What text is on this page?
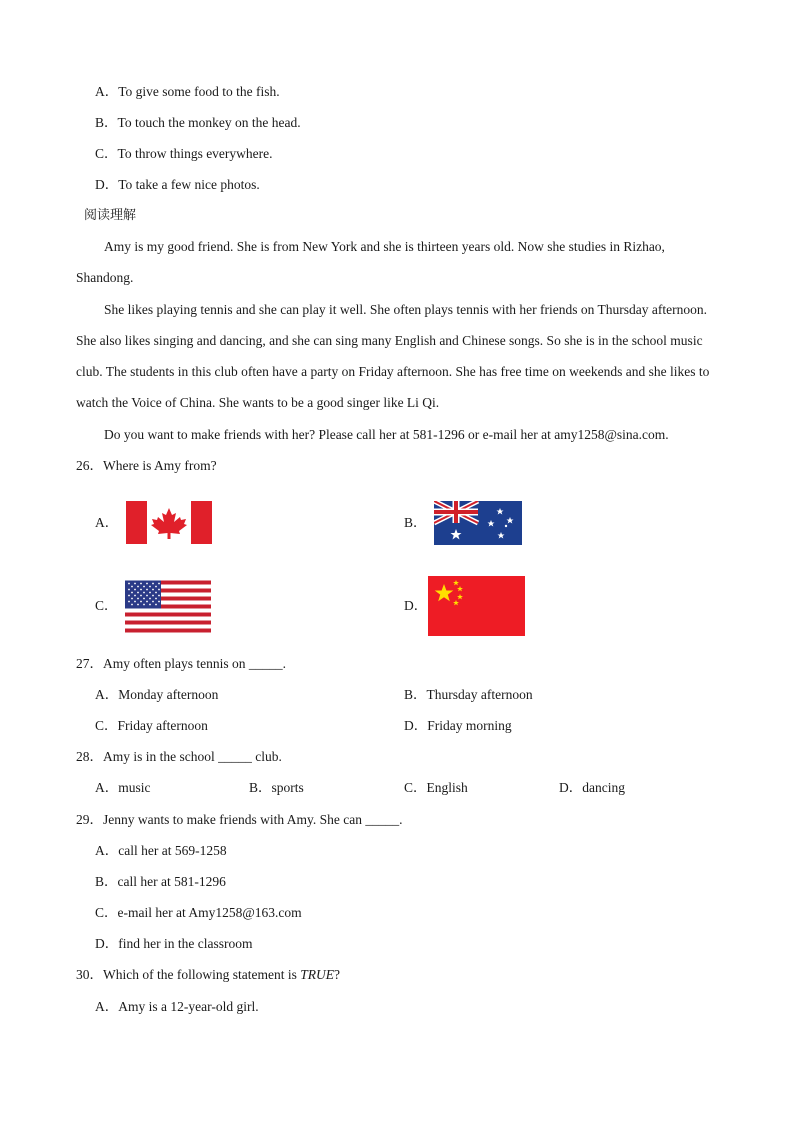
A．To give some food to the fish.
B．To touch the monkey on the head.
C．To throw things everywhere.
D．To take a few nice photos.
阅读理解
Amy is my good friend. She is from New York and she is thirteen years old. Now she studies in Rizhao, Shandong.
She likes playing tennis and she can play it well. She often plays tennis with her friends on Thursday afternoon. She also likes singing and dancing, and she can sing many English and Chinese songs. So she is in the school music club. The students in this club often have a party on Friday afternoon. She has free time on weekends and she likes to watch the Voice of China. She wants to be a good singer like Li Qi.
Do you want to make friends with her? Please call her at 581-1296 or e-mail her at amy1258@sina.com.
26．Where is Amy from?
A．	B．
C．	D．
27．Amy often plays tennis on _____.
A．Monday afternoon	B．Thursday afternoon
C．Friday afternoon	D．Friday morning
28．Amy is in the school _____ club.
A．music	B．sports	C．English	D．dancing
29．Jenny wants to make friends with Amy. She can _____.
A．call her at 569-1258
B．call her at 581-1296
C．e-mail her at Amy1258@163.com
D．find her in the classroom
30．Which of the following statement is TRUE?
A．Amy is a 12-year-old girl.
